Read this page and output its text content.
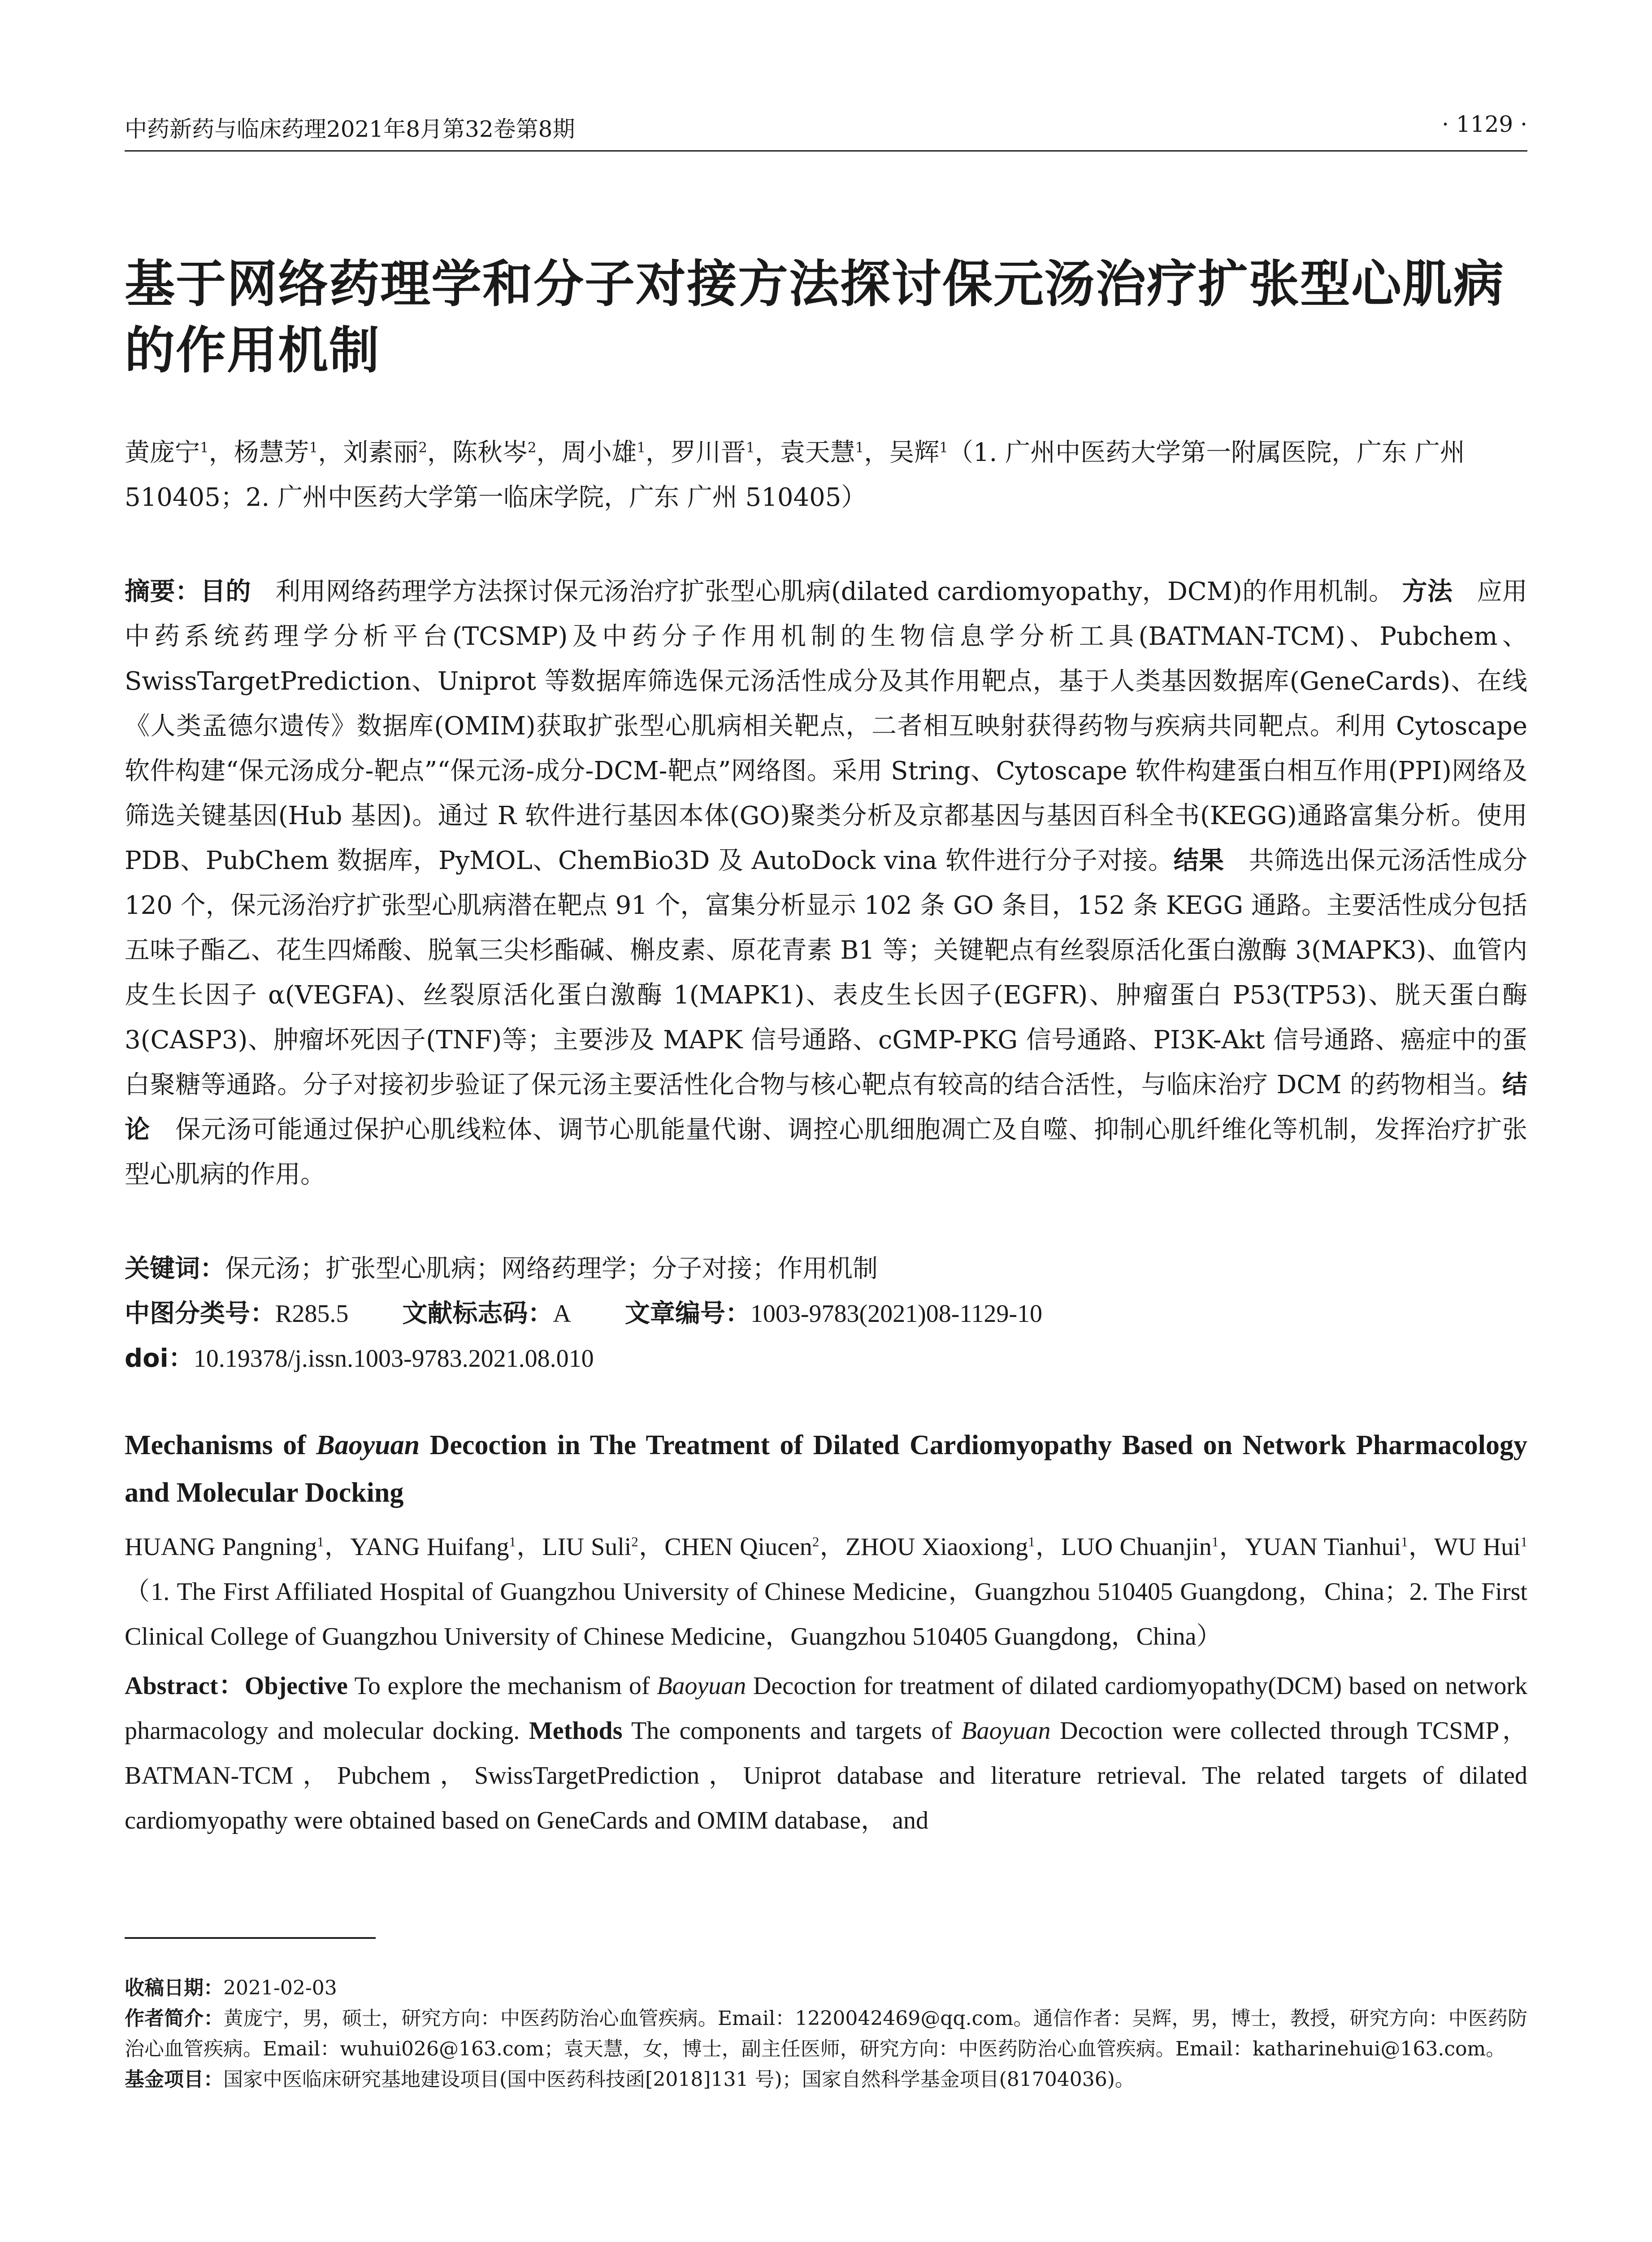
中药新药与临床药理2021年8月第32卷第8期	· 1129 ·
基于网络药理学和分子对接方法探讨保元汤治疗扩张型心肌病的作用机制
黄庞宁$^1$，杨慧芳$^1$，刘素丽$^2$，陈秋岑$^2$，周小雄$^1$，罗川晋$^1$，袁天慧$^1$，吴辉$^1$（1. 广州中医药大学第一附属医院，广东 广州 510405；2. 广州中医药大学第一临床学院，广东 广州 510405）
摘要：目的 利用网络药理学方法探讨保元汤治疗扩张型心肌病(dilated cardiomyopathy，DCM)的作用机制。 方法 应用中药系统药理学分析平台(TCSMP)及中药分子作用机制的生物信息学分析工具(BATMAN-TCM)、Pubchem、SwissTargetPrediction、Uniprot 等数据库筛选保元汤活性成分及其作用靶点，基于人类基因数据库(GeneCards)、在线《人类孟德尔遗传》数据库(OMIM)获取扩张型心肌病相关靶点，二者相互映射获得药物与疾病共同靶点。利用 Cytoscape 软件构建“保元汤成分-靶点”“保元汤-成分-DCM-靶点”网络图。采用 String、Cytoscape 软件构建蛋白相互作用(PPI)网络及筛选关键基因(Hub 基因)。通过 R 软件进行基因本体(GO)聚类分析及京都基因与基因百科全书(KEGG)通路富集分析。使用 PDB、PubChem 数据库，PyMOL、ChemBio3D 及 AutoDock vina 软件进行分子对接。结果 共筛选出保元汤活性成分 120 个，保元汤治疗扩张型心肌病潜在靶点 91 个，富集分析显示 102 条 GO 条目，152 条 KEGG 通路。主要活性成分包括五味子酯乙、花生四烯酸、脱氧三尖杉酯碱、槲皮素、原花青素 B1 等；关键靶点有丝裂原活化蛋白激酶 3(MAPK3)、血管内皮生长因子 α(VEGFA)、丝裂原活化蛋白激酶 1(MAPK1)、表皮生长因子(EGFR)、肿瘤蛋白 P53(TP53)、胱天蛋白酶 3(CASP3)、肿瘤坏死因子(TNF)等；主要涉及 MAPK 信号通路、cGMP-PKG 信号通路、PI3K-Akt 信号通路、癌症中的蛋白聚糖等通路。分子对接初步验证了保元汤主要活性化合物与核心靶点有较高的结合活性，与临床治疗 DCM 的药物相当。结论 保元汤可能通过保护心肌线粒体、调节心肌能量代谢、调控心肌细胞凋亡及自噬、抑制心肌纤维化等机制，发挥治疗扩张型心肌病的作用。
关键词：保元汤；扩张型心肌病；网络药理学；分子对接；作用机制
中图分类号：R285.5 文献标志码：A 文章编号：1003-9783(2021)08-1129-10
doi：10.19378/j.issn.1003-9783.2021.08.010
Mechanisms of Baoyuan Decoction in The Treatment of Dilated Cardiomyopathy Based on Network Pharmacology and Molecular Docking
HUANG Pangning$^1$，YANG Huifang$^1$，LIU Suli$^2$，CHEN Qiucen$^2$，ZHOU Xiaoxiong$^1$，LUO Chuanjin$^1$，YUAN Tianhui$^1$，WU Hui$^1$（1. The First Affiliated Hospital of Guangzhou University of Chinese Medicine，Guangzhou 510405 Guangdong，China；2. The First Clinical College of Guangzhou University of Chinese Medicine，Guangzhou 510405 Guangdong，China）
Abstract：Objective To explore the mechanism of Baoyuan Decoction for treatment of dilated cardiomyopathy(DCM) based on network pharmacology and molecular docking. Methods The components and targets of Baoyuan Decoction were collected through TCSMP，BATMAN-TCM，Pubchem，SwissTargetPrediction，Uniprot database and literature retrieval. The related targets of dilated cardiomyopathy were obtained based on GeneCards and OMIM database， and

收稿日期：2021-02-03

作者简介：黄庞宁，男，硕士，研究方向：中医药防治心血管疾病。Email：1220042469@qq.com。通信作者：吴辉，男，博士，教授，研究方向：中医药防治心血管疾病。Email：wuhui026@163.com；袁天慧，女，博士，副主任医师，研究方向：中医药防治心血管疾病。Email：katharinehui@163.com。

基金项目：国家中医临床研究基地建设项目(国中医药科技函[2018]131 号)；国家自然科学基金项目(81704036)。
